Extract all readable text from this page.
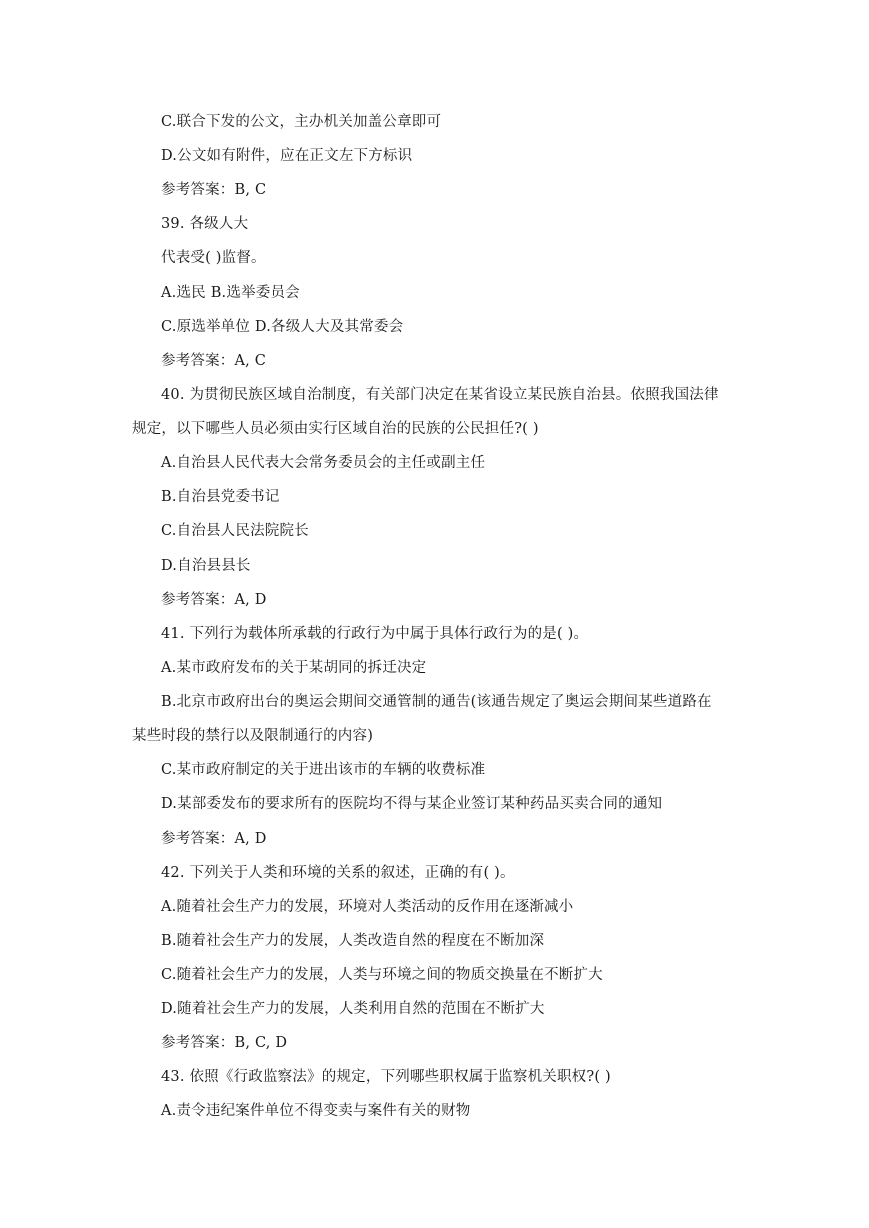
C.联合下发的公文，主办机关加盖公章即可
D.公文如有附件，应在正文左下方标识
参考答案：B, C
39. 各级人大
代表受( )监督。
A.选民 B.选举委员会
C.原选举单位 D.各级人大及其常委会
参考答案：A, C
40. 为贯彻民族区域自治制度，有关部门决定在某省设立某民族自治县。依照我国法律
规定，以下哪些人员必须由实行区域自治的民族的公民担任?( )
A.自治县人民代表大会常务委员会的主任或副主任
B.自治县党委书记
C.自治县人民法院院长
D.自治县县长
参考答案：A, D
41. 下列行为载体所承载的行政行为中属于具体行政行为的是( )。
A.某市政府发布的关于某胡同的拆迁决定
B.北京市政府出台的奥运会期间交通管制的通告(该通告规定了奥运会期间某些道路在
某些时段的禁行以及限制通行的内容)
C.某市政府制定的关于进出该市的车辆的收费标准
D.某部委发布的要求所有的医院均不得与某企业签订某种药品买卖合同的通知
参考答案：A, D
42. 下列关于人类和环境的关系的叙述，正确的有( )。
A.随着社会生产力的发展，环境对人类活动的反作用在逐渐减小
B.随着社会生产力的发展，人类改造自然的程度在不断加深
C.随着社会生产力的发展，人类与环境之间的物质交换量在不断扩大
D.随着社会生产力的发展，人类利用自然的范围在不断扩大
参考答案：B, C, D
43. 依照《行政监察法》的规定，下列哪些职权属于监察机关职权?( )
A.责令违纪案件单位不得变卖与案件有关的财物
